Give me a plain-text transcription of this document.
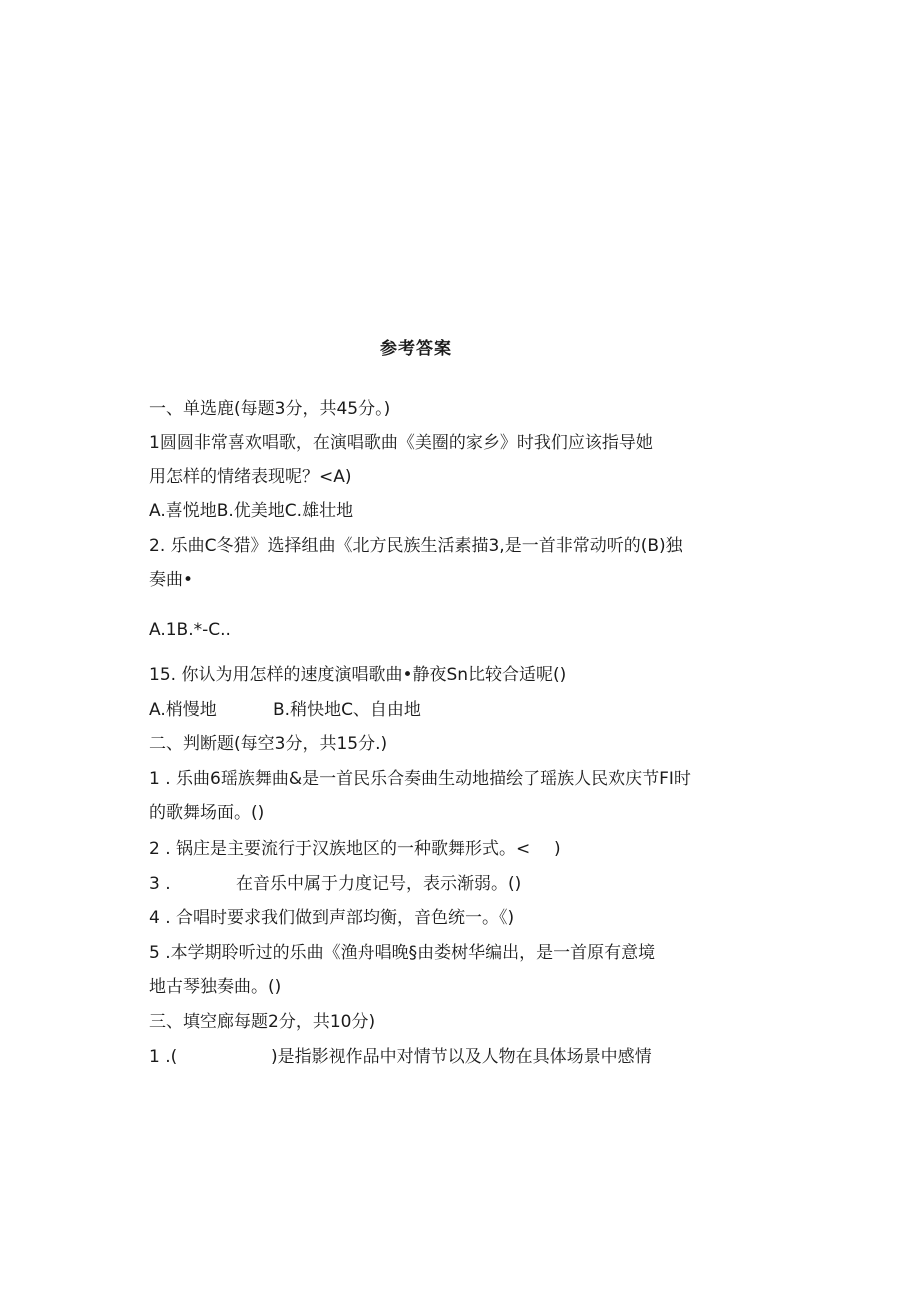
参考答案
一、单选鹿(每题3分，共45分。)
1圆圆非常喜欢唱歌，在演唱歌曲《美圈的家乡》时我们应该指导她
用怎样的情绪表现呢？<A)
A.喜悦地B.优美地C.雄壮地
2. 乐曲C冬猎》选择组曲《北方民族生活素描3,是一首非常动听的(B)独
奏曲•
A.1B.*-C..
15. 你认为用怎样的速度演唱歌曲•静夜Sn比较合适呢()
A.梢慢地	B.稍快地C、自由地
二、判断题(每空3分，共15分.)
1 . 乐曲6瑶族舞曲&是一首民乐合奏曲生动地描绘了瑶族人民欢庆节FI时
的歌舞场面。()
2 . 锅庄是主要流行于汉族地区的一种歌舞形式。< )
3 .	在音乐中属于力度记号，表示渐弱。()
4 . 合唱时要求我们做到声部均衡，音色统一。《)
5 .本学期聆听过的乐曲《渔舟唱晚§由娄树华编出，是一首原有意境
地古琴独奏曲。()
三、填空廊每题2分，共10分)
1 .(	)是指影视作品中对情节以及人物在具体场景中感情
